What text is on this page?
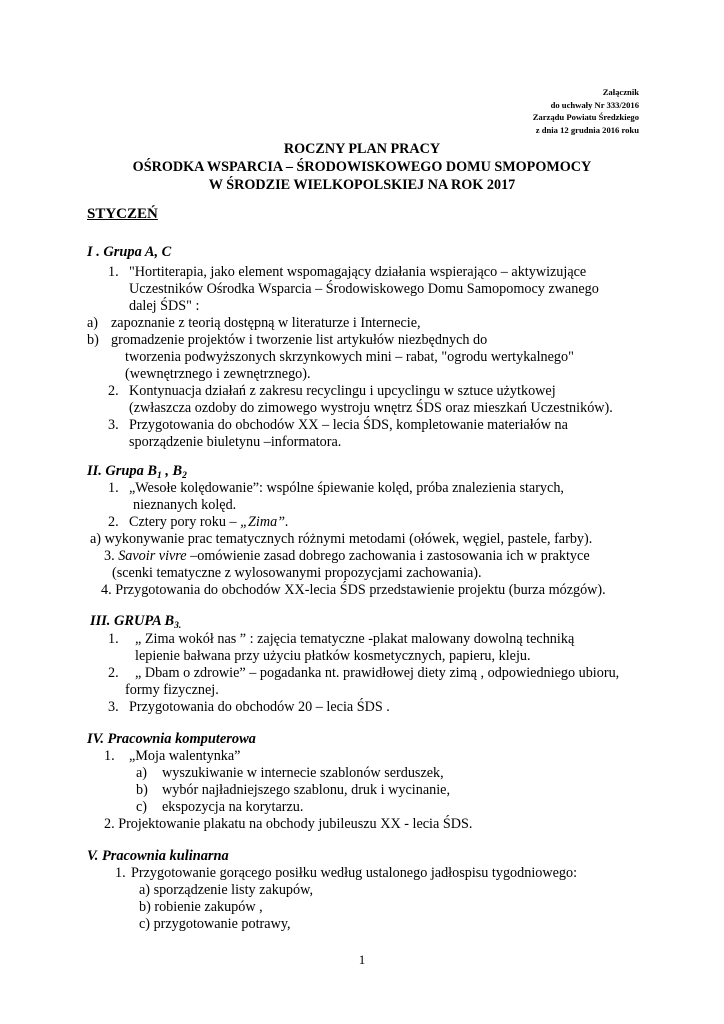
Załącznik
do uchwały Nr 333/2016
Zarządu Powiatu Średzkiego
z dnia 12 grudnia 2016 roku
ROCZNY PLAN PRACY
OŚRODKA WSPARCIA – ŚRODOWISKOWEGO DOMU SMOPOMOCY
W ŚRODZIE WIELKOPOLSKIEJ NA ROK 2017
STYCZEŃ
I . Grupa A, C
1. "Hortiterapia, jako element wspomagający działania wspierająco – aktywizujące
Uczestników Ośrodka Wsparcia – Środowiskowego Domu Samopomocy zwanego
dalej ŚDS" :
a) zapoznanie z teorią dostępną w literaturze i Internecie,
b) gromadzenie projektów i tworzenie list artykułów niezbędnych do
tworzenia podwyższonych skrzynkowych mini – rabat, "ogrodu wertykalnego"
(wewnętrznego i zewnętrznego).
2. Kontynuacja działań z zakresu recyclingu i upcyclingu w sztuce użytkowej
(zwłaszcza ozdoby do zimowego wystroju wnętrz ŚDS oraz mieszkań Uczestników).
3. Przygotowania do obchodów XX – lecia ŚDS, kompletowanie materiałów na
sporządzenie biuletynu –informatora.
II. Grupa $B_1$ , $B_2$
1. „Wesołe kolędowanie”: wspólne śpiewanie kolęd, próba znalezienia starych,
nieznanych kolęd.
2. Cztery pory roku – „Zima”.
a) wykonywanie prac tematycznych różnymi metodami (ołówek, węgiel, pastele, farby).
3. Savoir vivre –omówienie zasad dobrego zachowania i zastosowania ich w praktyce
(scenki tematyczne z wylosowanymi propozycjami zachowania).
4. Przygotowania do obchodów XX-lecia ŚDS przedstawienie projektu (burza mózgów).
III. GRUPA $B_{3.}$
1. „ Zima wokół nas ” : zajęcia tematyczne -plakat malowany dowolną techniką
lepienie bałwana przy użyciu płatków kosmetycznych, papieru, kleju.
2. „ Dbam o zdrowie” – pogadanka nt. prawidłowej diety zimą , odpowiedniego ubioru,
formy fizycznej.
3. Przygotowania do obchodów 20 – lecia ŚDS .
IV. Pracownia komputerowa
1. „Moja walentynka”
a) wyszukiwanie w internecie szablonów serduszek,
b) wybór najładniejszego szablonu, druk i wycinanie,
c) ekspozycja na korytarzu.
2. Projektowanie plakatu na obchody jubileuszu XX - lecia ŚDS.
V. Pracownia kulinarna
1. Przygotowanie gorącego posiłku według ustalonego jadłospisu tygodniowego:
a) sporządzenie listy zakupów,
b) robienie zakupów ,
c) przygotowanie potrawy,
1
